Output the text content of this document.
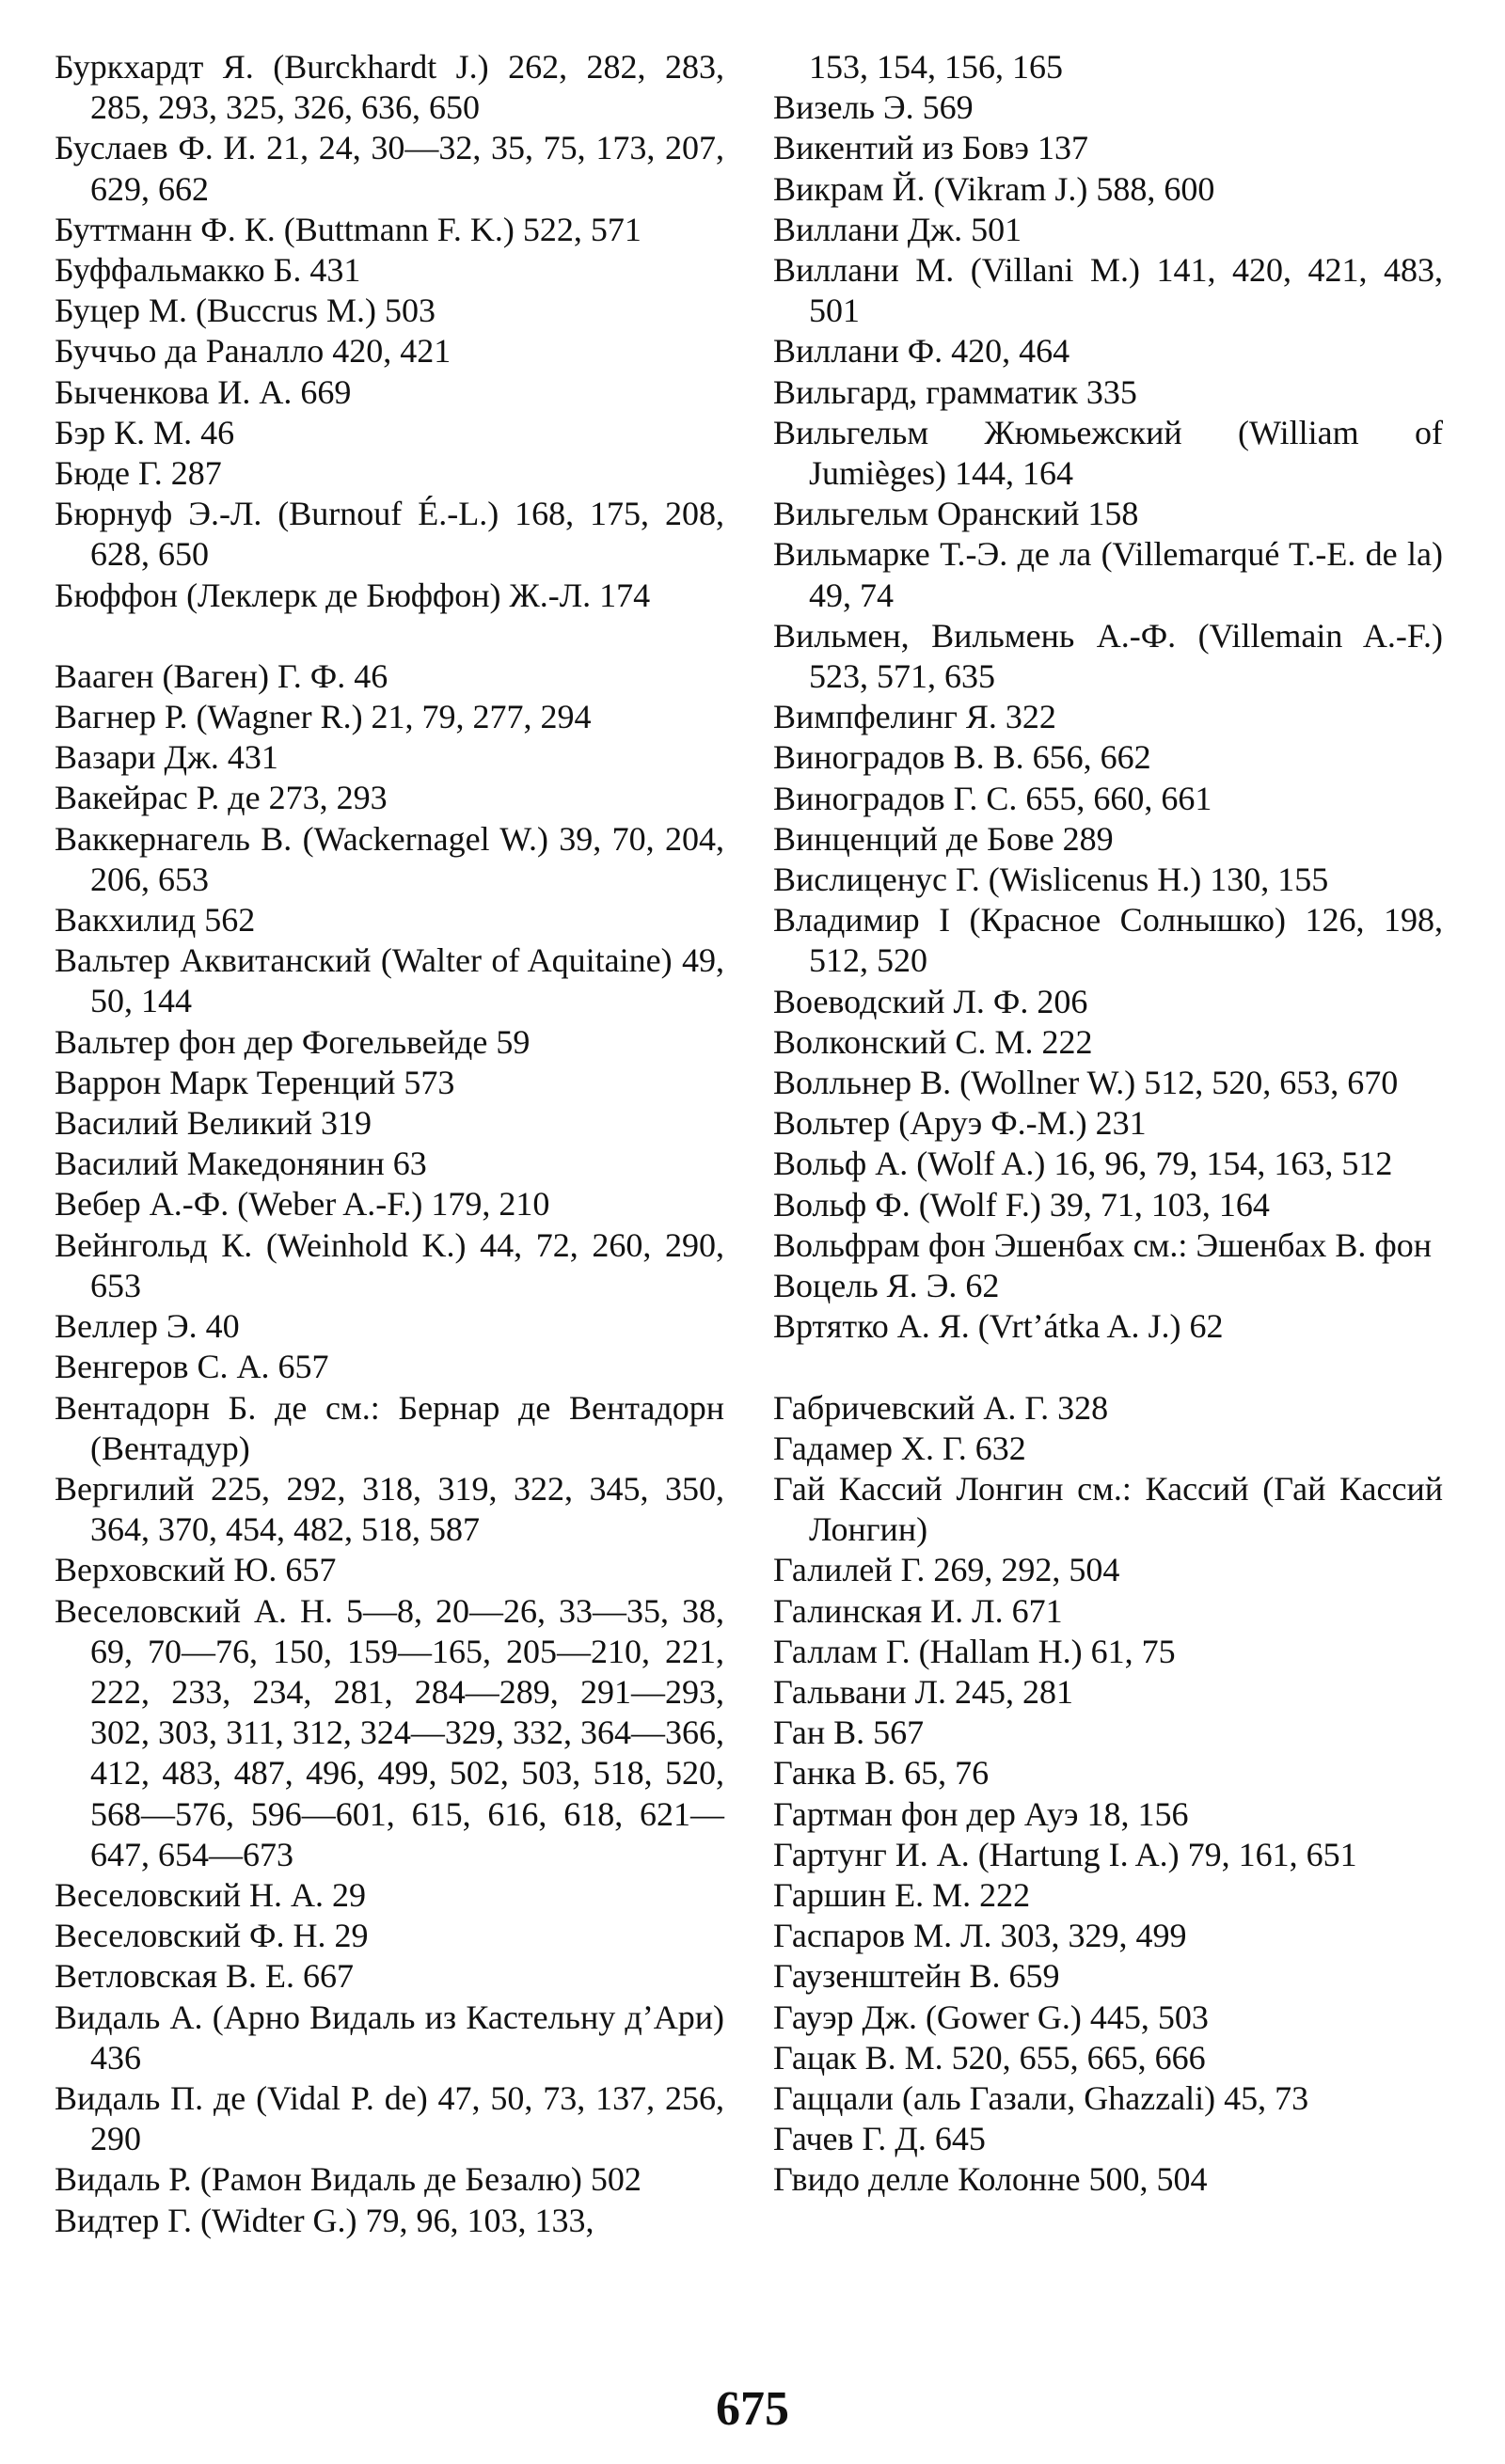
Буркхардт Я. (Burckhardt J.) 262, 282, 283, 285, 293, 325, 326, 636, 650

Буслаев Ф. И. 21, 24, 30—32, 35, 75, 173, 207, 629, 662

Буттманн Ф. К. (Buttmann F. K.) 522, 571

Буффальмакко Б. 431

Буцер М. (Buccrus M.) 503

Буччьо да Раналло 420, 421

Быченкова И. А. 669

Бэр К. М. 46

Бюде Г. 287

Бюрнуф Э.-Л. (Burnouf É.-L.) 168, 175, 208, 628, 650

Бюффон (Леклерк де Бюффон) Ж.-Л. 174

Вааген (Ваген) Г. Ф. 46

Вагнер Р. (Wagner R.) 21, 79, 277, 294

Вазари Дж. 431

Вакейрас Р. де 273, 293

Ваккернагель В. (Wackernagel W.) 39, 70, 204, 206, 653

Вакхилид 562

Вальтер Аквитанский (Walter of Aquitaine) 49, 50, 144

Вальтер фон дер Фогельвейде 59

Варрон Марк Теренций 573

Василий Великий 319

Василий Македонянин 63

Вебер А.-Ф. (Weber A.-F.) 179, 210

Вейнгольд К. (Weinhold K.) 44, 72, 260, 290, 653

Веллер Э. 40

Венгеров С. А. 657

Вентадорн Б. де см.: Бернар де Вентадорн (Вентадур)

Вергилий 225, 292, 318, 319, 322, 345, 350, 364, 370, 454, 482, 518, 587

Верховский Ю. 657

Веселовский А. Н. 5—8, 20—26, 33—35, 38, 69, 70—76, 150, 159—165, 205—210, 221, 222, 233, 234, 281, 284—289, 291—293, 302, 303, 311, 312, 324—329, 332, 364—366, 412, 483, 487, 496, 499, 502, 503, 518, 520, 568—576, 596—601, 615, 616, 618, 621—647, 654—673

Веселовский Н. А. 29

Веселовский Ф. Н. 29

Ветловская В. Е. 667

Видаль А. (Арно Видаль из Кастельну д’Ари) 436

Видаль П. де (Vidal P. de) 47, 50, 73, 137, 256, 290

Видаль Р. (Рамон Видаль де Безалю) 502

Видтер Г. (Widter G.) 79, 96, 103, 133,

153, 154, 156, 165

Визель Э. 569

Викентий из Бовэ 137

Викрам Й. (Vikram J.) 588, 600

Виллани Дж. 501

Виллани М. (Villani M.) 141, 420, 421, 483, 501

Виллани Ф. 420, 464

Вильгард, грамматик 335

Вильгельм Жюмьежский (William of Jumièges) 144, 164

Вильгельм Оранский 158

Вильмарке Т.-Э. де ла (Villemarqué T.-E. de la) 49, 74

Вильмен, Вильмень А.-Ф. (Villemain A.-F.) 523, 571, 635

Вимпфелинг Я. 322

Виноградов В. В. 656, 662

Виноградов Г. С. 655, 660, 661

Винценций де Бове 289

Вислиценус Г. (Wislicenus H.) 130, 155

Владимир I (Красное Солнышко) 126, 198, 512, 520

Воеводский Л. Ф. 206

Волконский С. М. 222

Волльнер В. (Wollner W.) 512, 520, 653, 670

Вольтер (Аруэ Ф.-М.) 231

Вольф А. (Wolf A.) 16, 96, 79, 154, 163, 512

Вольф Ф. (Wolf F.) 39, 71, 103, 164

Вольфрам фон Эшенбах см.: Эшенбах В. фон

Воцель Я. Э. 62

Вртятко А. Я. (Vrt’átka A. J.) 62

Габричевский А. Г. 328

Гадамер Х. Г. 632

Гай Кассий Лонгин см.: Кассий (Гай Кассий Лонгин)

Галилей Г. 269, 292, 504

Галинская И. Л. 671

Галлам Г. (Hallam H.) 61, 75

Гальвани Л. 245, 281

Ган В. 567

Ганка В. 65, 76

Гартман фон дер Ауэ 18, 156

Гартунг И. А. (Hartung I. A.) 79, 161, 651

Гаршин Е. М. 222

Гаспаров М. Л. 303, 329, 499

Гаузенштейн В. 659

Гауэр Дж. (Gower G.) 445, 503

Гацак В. М. 520, 655, 665, 666

Гаццали (аль Газали, Ghazzali) 45, 73

Гачев Г. Д. 645

Гвидо делле Колонне 500, 504

675
